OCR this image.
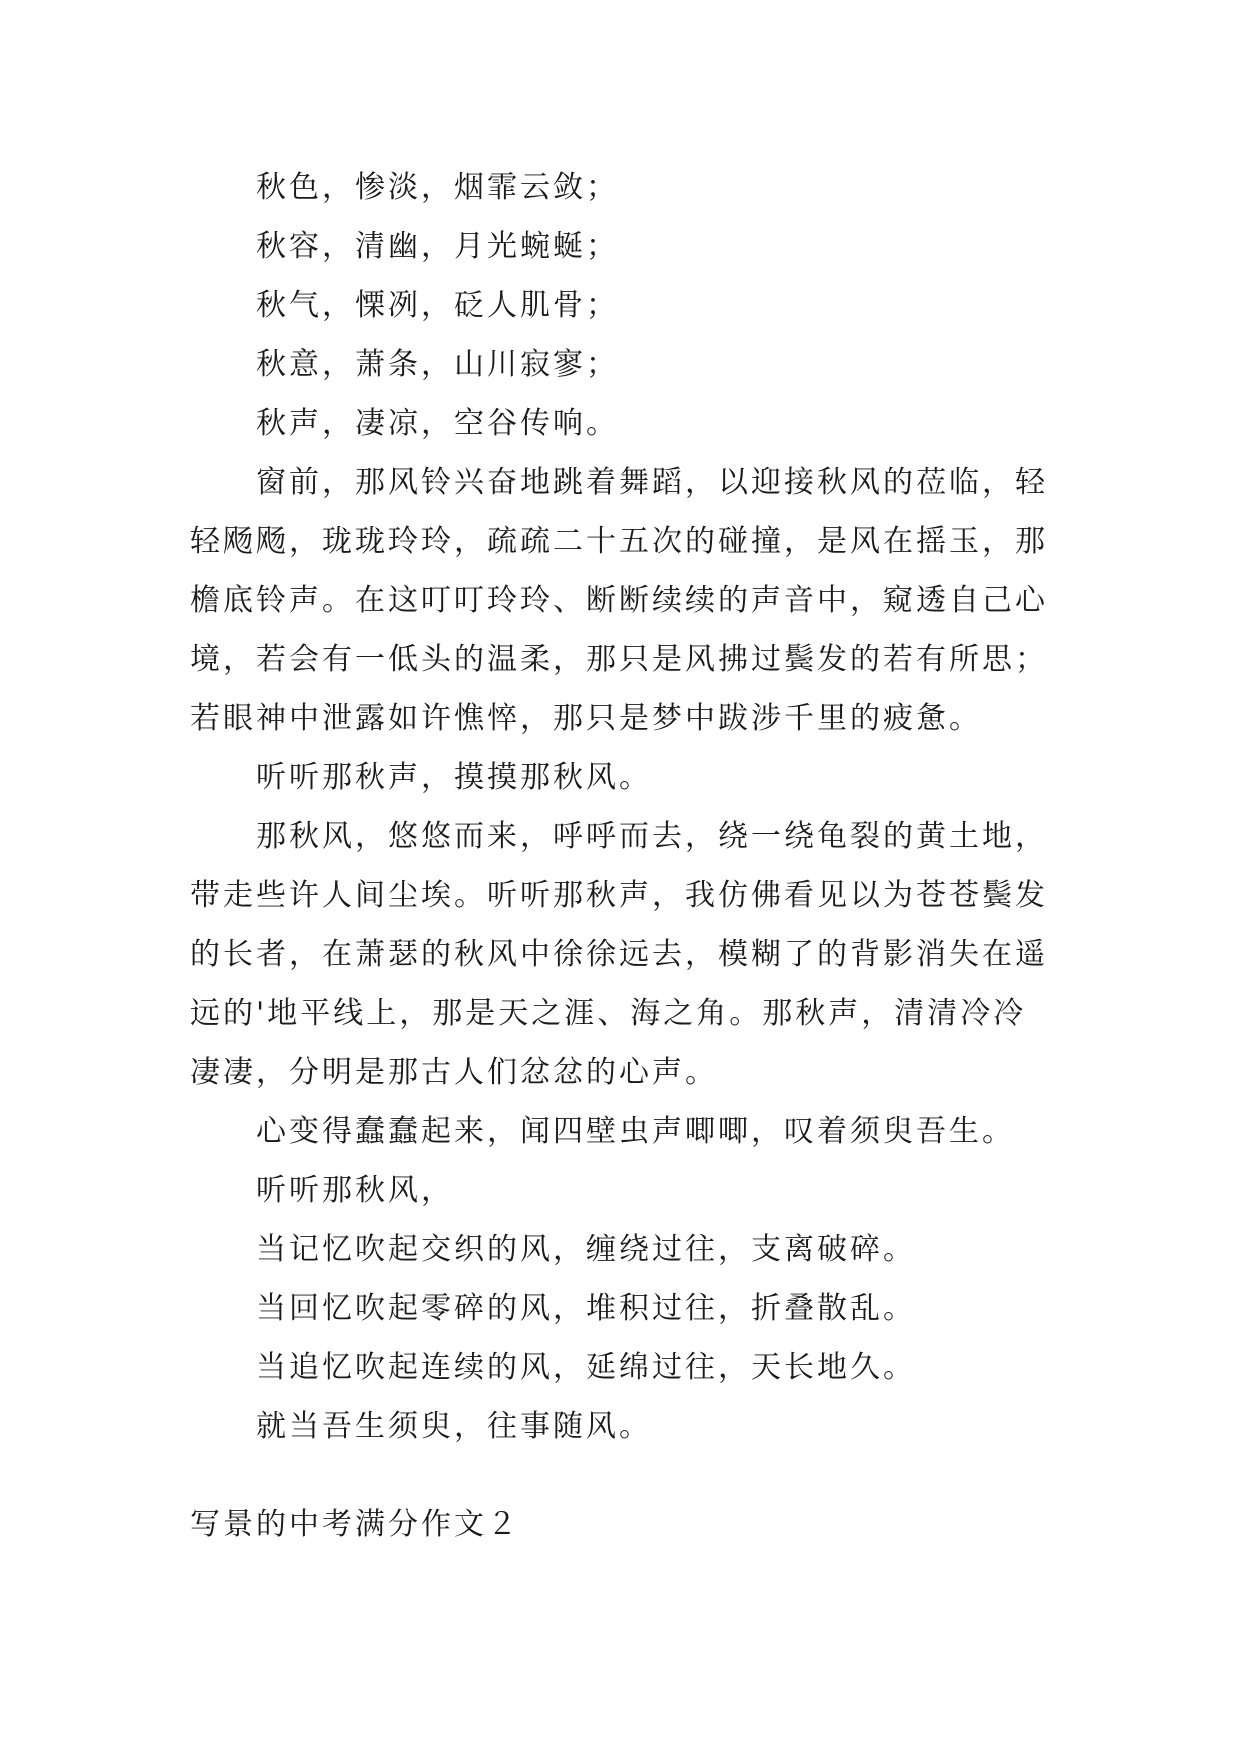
秋色，惨淡，烟霏云敛；

秋容，清幽，月光蜿蜒；

秋气，慄冽，砭人肌骨；

秋意，萧条，山川寂寥；

秋声，凄凉，空谷传响。

窗前，那风铃兴奋地跳着舞蹈，以迎接秋风的莅临，轻

轻飏飏，珑珑玲玲，疏疏二十五次的碰撞，是风在摇玉，那

檐底铃声。在这叮叮玲玲、断断续续的声音中，窥透自己心

境，若会有一低头的温柔，那只是风拂过鬓发的若有所思；

若眼神中泄露如许憔悴，那只是梦中跋涉千里的疲惫。

听听那秋声，摸摸那秋风。

那秋风，悠悠而来，呼呼而去，绕一绕龟裂的黄土地，

带走些许人间尘埃。听听那秋声，我仿佛看见以为苍苍鬓发

的长者，在萧瑟的秋风中徐徐远去，模糊了的背影消失在遥

远的'地平线上，那是天之涯、海之角。那秋声，清清冷冷

凄凄，分明是那古人们忿忿的心声。

心变得蠢蠢起来，闻四壁虫声唧唧，叹着须臾吾生。

听听那秋风，

当记忆吹起交织的风，缠绕过往，支离破碎。

当回忆吹起零碎的风，堆积过往，折叠散乱。

当追忆吹起连续的风，延绵过往，天长地久。

就当吾生须臾，往事随风。

写景的中考满分作文２
